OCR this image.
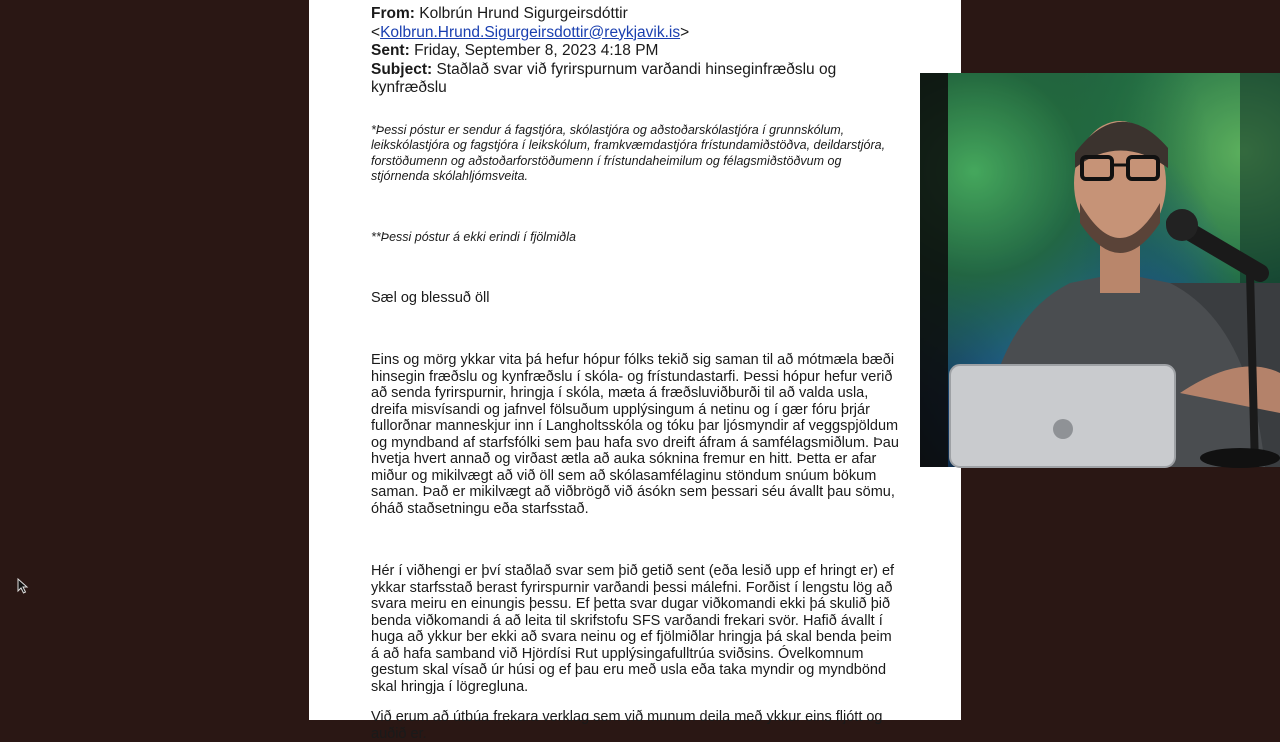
From: Kolbrún Hrund Sigurgeirsdóttir
<Kolbrun.Hrund.Sigurgeirsdottir@reykjavik.is>
Sent: Friday, September 8, 2023 4:18 PM
Subject: Staðlað svar við fyrirspurnum varðandi hinseginfræðslu og kynfræðslu
*Þessi póstur er sendur á fagstjóra, skólastjóra og aðstoðarskólastjóra í grunnskólum, leikskólastjóra og fagstjóra í leikskólum, framkvæmdastjóra frístundamiðstöðva, deildarstjóra, forstöðumenn og aðstoðarforstöðumenn í frístundaheimilum og félagsmiðstöðvum og stjórnenda skólahljómsveita.
**Þessi póstur á ekki erindi í fjölmiðla
Sæl og blessuð öll
Eins og mörg ykkar vita þá hefur hópur fólks tekið sig saman til að mótmæla bæði hinsegin fræðslu og kynfræðslu í skóla- og frístundastarfi. Þessi hópur hefur verið að senda fyrirspurnir, hringja í skóla, mæta á fræðsluviðburði til að valda usla, dreifa misvísandi og jafnvel fölsuðum upplýsingum á netinu og í gær fóru þrjár fullorðnar manneskjur inn í Langholtsskóla og tóku þar ljósmyndir af veggspjöldum og myndband af starfsfólki sem þau hafa svo dreift áfram á samfélagsmiðlum. Þau hvetja hvert annað og virðast ætla að auka sóknina fremur en hitt. Þetta er afar miður og mikilvægt að við öll sem að skólasamfélaginu stöndum snúum bökum saman. Það er mikilvægt að viðbrögð við ásókn sem þessari séu ávallt þau sömu, óháð staðsetningu eða starfsstað.
Hér í viðhengi er því staðlað svar sem þið getið sent (eða lesið upp ef hringt er) ef ykkar starfsstað berast fyrirspurnir varðandi þessi málefni. Forðist í lengstu lög að svara meiru en einungis þessu. Ef þetta svar dugar viðkomandi ekki þá skulið þið benda viðkomandi á að leita til skrifstofu SFS varðandi frekari svör. Hafið ávallt í huga að ykkur ber ekki að svara neinu og ef fjölmiðlar hringja þá skal benda þeim á að hafa samband við Hjördísi Rut upplýsingafulltrúa sviðsins. Óvelkomnum gestum skal vísað úr húsi og ef þau eru með usla eða taka myndir og myndbönd skal hringja í lögregluna.
Við erum að útbúa frekara verklag sem við munum deila með ykkur eins fljótt og auðið er.
